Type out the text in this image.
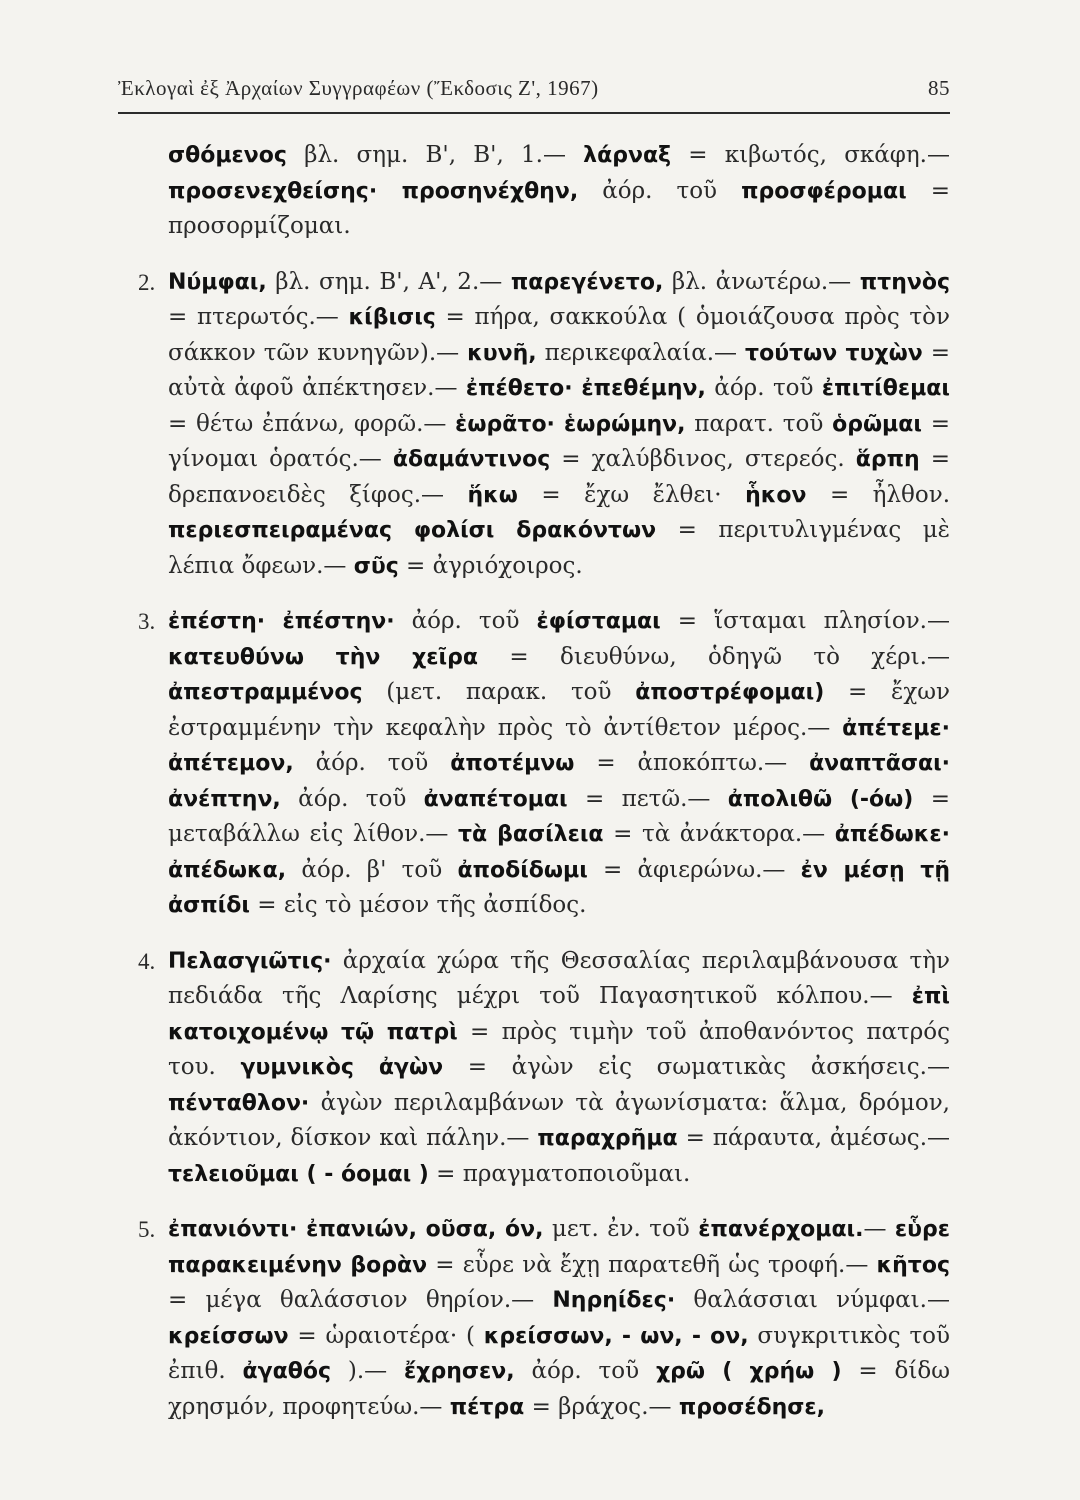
Ἐκλογαὶ ἐξ Ἀρχαίων Συγγραφέων (Ἔκδοσις Ζ', 1967)	85

σθόμενος βλ. σημ. Β', Β', 1.— λάρναξ = κιβωτός, σκάφη.— προσενεχθείσης· προσηνέχθην, ἀόρ. τοῦ προσφέρομαι = προσορμίζομαι.

2. Νύμφαι, βλ. σημ. Β', Α', 2.— παρεγένετο, βλ. ἀνωτέρω.— πτηνὸς = πτερωτός.— κίβισις = πήρα, σακκούλα ( ὁμοιάζουσα πρὸς τὸν σάκκον τῶν κυνηγῶν).— κυνῆ, περικεφαλαία.— τούτων τυχὼν = αὐτὰ ἀφοῦ ἀπέκτησεν.— ἐπέθετο· ἐπεθέμην, ἀόρ. τοῦ ἐπιτίθεμαι = θέτω ἐπάνω, φορῶ.— ἑωρᾶτο· ἑωρώμην, παρατ. τοῦ ὁρῶμαι = γίνομαι ὁρατός.— ἀδαμάντινος = χαλύβδινος, στερεός. ἅρπη = δρεπανοειδὲς ξίφος.— ἥκω = ἔχω ἔλθει· ἧκον = ἦλθον. περιεσπειραμένας φολίσι δρακόντων = περιτυλιγμένας μὲ λέπια ὄφεων.— σῦς = ἀγριόχοιρος.

3. ἐπέστη· ἐπέστην· ἀόρ. τοῦ ἐφίσταμαι = ἵσταμαι πλησίον.— κατευθύνω τὴν χεῖρα = διευθύνω, ὁδηγῶ τὸ χέρι.— ἀπεστραμμένος (μετ. παρακ. τοῦ ἀποστρέφομαι) = ἔχων ἐστραμμένην τὴν κεφαλὴν πρὸς τὸ ἀντίθετον μέρος.— ἀπέτεμε· ἀπέτεμον, ἀόρ. τοῦ ἀποτέμνω = ἀποκόπτω.— ἀναπτᾶσαι· ἀνέπτην, ἀόρ. τοῦ ἀναπέτομαι = πετῶ.— ἀπολιθῶ (-όω) = μεταβάλλω εἰς λίθον.— τὰ βασίλεια = τὰ ἀνάκτορα.— ἀπέδωκε· ἀπέδωκα, ἀόρ. β' τοῦ ἀποδίδωμι = ἀφιερώνω.— ἐν μέσῃ τῇ ἀσπίδι = εἰς τὸ μέσον τῆς ἀσπίδος.

4. Πελασγιῶτις· ἀρχαία χώρα τῆς Θεσσαλίας περιλαμβάνουσα τὴν πεδιάδα τῆς Λαρίσης μέχρι τοῦ Παγασητικοῦ κόλπου.— ἐπὶ κατοιχομένῳ τῷ πατρὶ = πρὸς τιμὴν τοῦ ἀποθανόντος πατρός του. γυμνικὸς ἀγὼν = ἀγὼν εἰς σωματικὰς ἀσκήσεις.— πένταθλον· ἀγὼν περιλαμβάνων τὰ ἀγωνίσματα: ἅλμα, δρόμον, ἀκόντιον, δίσκον καὶ πάλην.— παραχρῆμα = πάραυτα, ἀμέσως.— τελειοῦμαι ( - όομαι ) = πραγματοποιοῦμαι.

5. ἐπανιόντι· ἐπανιών, οῦσα, όν, μετ. ἐν. τοῦ ἐπανέρχομαι.— εὗρε παρακειμένην βορὰν = εὗρε νὰ ἔχῃ παρατεθῆ ὡς τροφή.— κῆτος = μέγα θαλάσσιον θηρίον.— Νηρηίδες· θαλάσσιαι νύμφαι.— κρείσσων = ὡραιοτέρα· ( κρείσσων, - ων, - ον, συγκριτικὸς τοῦ ἐπιθ. ἀγαθός ).— ἔχρησεν, ἀόρ. τοῦ χρῶ ( χρήω ) = δίδω χρησμόν, προφητεύω.— πέτρα = βράχος.— προσέδησε,
